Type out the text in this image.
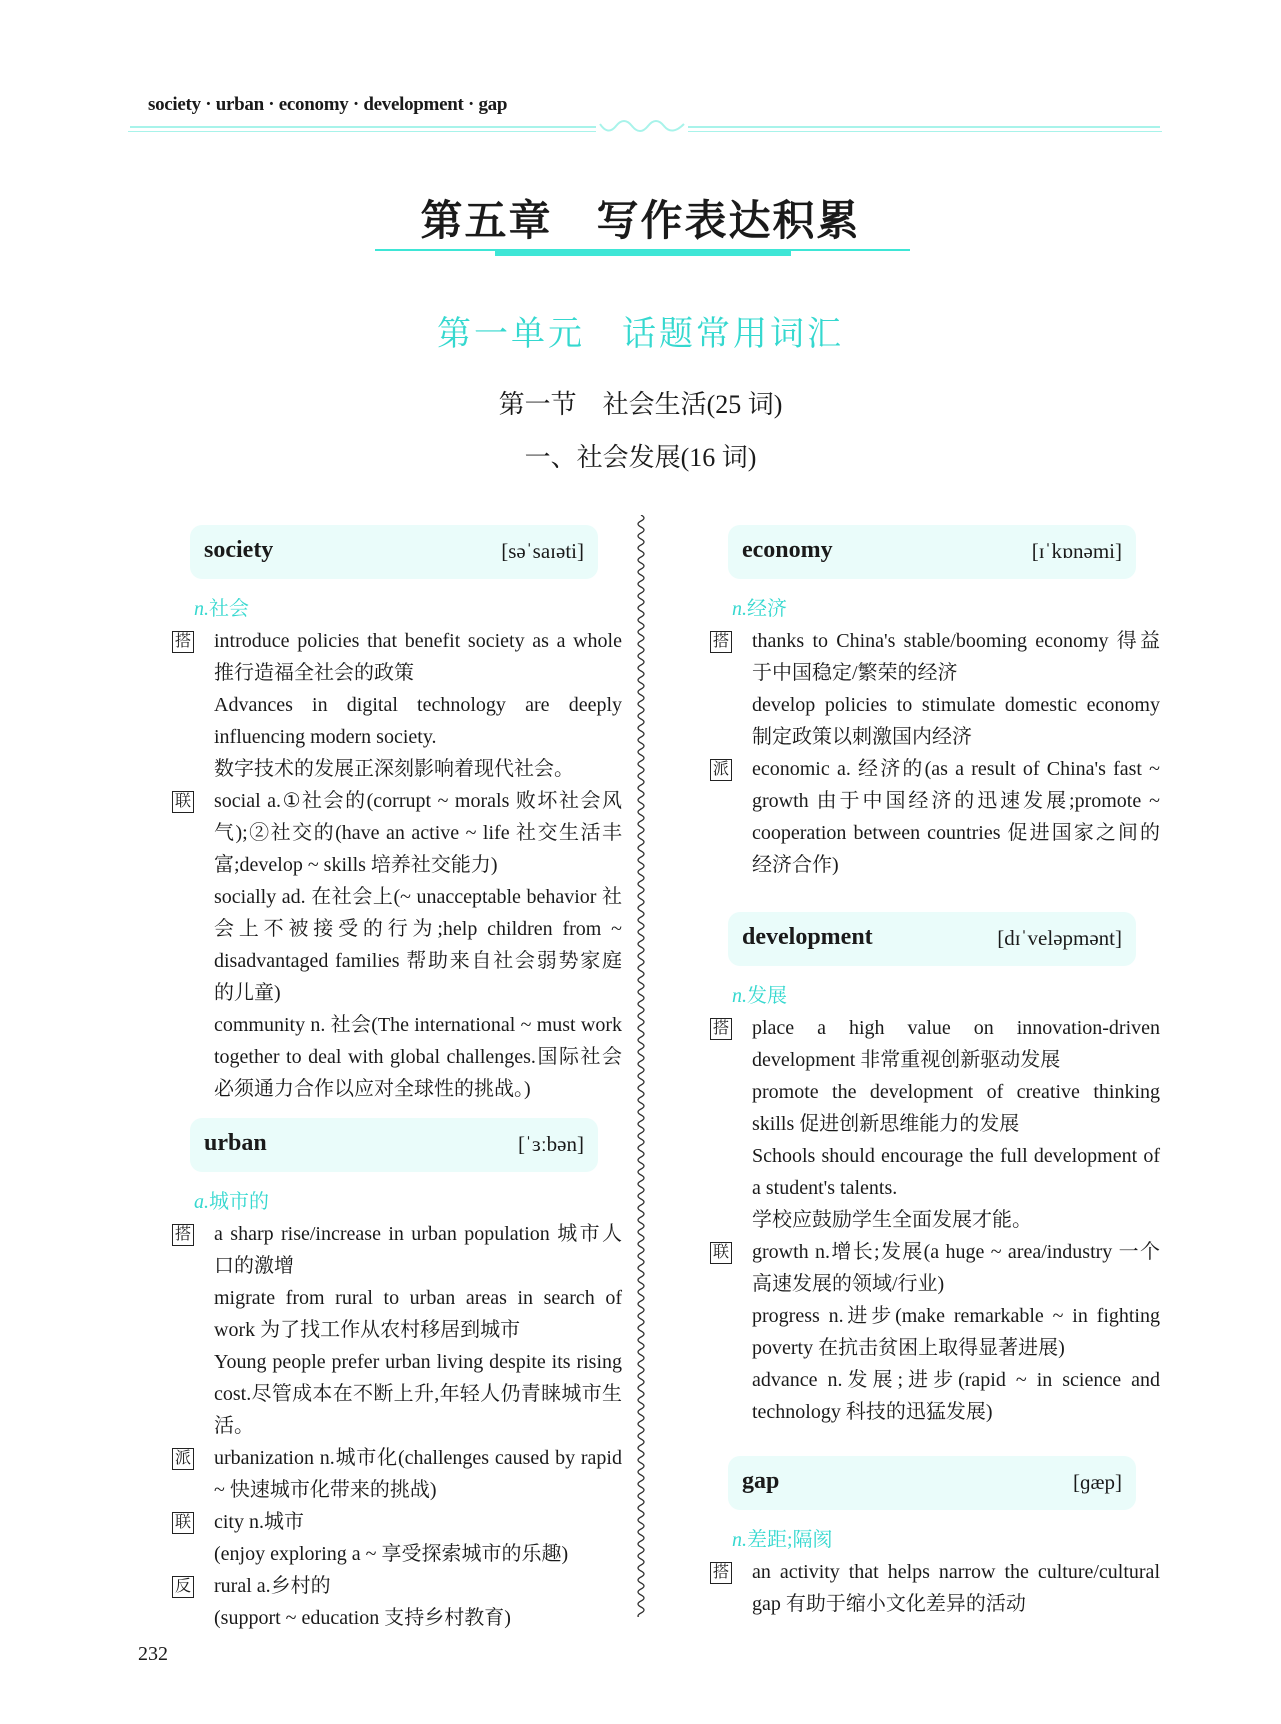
society · urban · economy · development · gap
第五章　写作表达积累
第一单元　话题常用词汇
第一节　社会生活(25 词)
一、社会发展(16 词)
society	[səˈsaɪəti]
n.社会
搭 introduce policies that benefit society as a whole 推行造福全社会的政策
Advances in digital technology are deeply influencing modern society.
数字技术的发展正深刻影响着现代社会。
联 social a.①社会的(corrupt ~ morals 败坏社会风气);②社交的(have an active ~ life 社交生活丰富;develop ~ skills 培养社交能力)
socially ad. 在社会上(~ unacceptable behavior 社会上不被接受的行为;help children from ~ disadvantaged families 帮助来自社会弱势家庭的儿童)
community n. 社会(The international ~ must work together to deal with global challenges.国际社会必须通力合作以应对全球性的挑战。)
urban	[ˈɜːbən]
a.城市的
搭 a sharp rise/increase in urban population 城市人口的激增
migrate from rural to urban areas in search of work 为了找工作从农村移居到城市
Young people prefer urban living despite its rising cost.尽管成本在不断上升,年轻人仍青睐城市生活。
派 urbanization n.城市化(challenges caused by rapid ~ 快速城市化带来的挑战)
联 city n.城市
(enjoy exploring a ~ 享受探索城市的乐趣)
反 rural a.乡村的
(support ~ education 支持乡村教育)
economy	[ɪˈkɒnəmi]
n.经济
搭 thanks to China's stable/booming economy 得益于中国稳定/繁荣的经济
develop policies to stimulate domestic economy 制定政策以刺激国内经济
派 economic a. 经济的(as a result of China's fast ~ growth 由于中国经济的迅速发展;promote ~ cooperation between countries 促进国家之间的经济合作)
development	[dɪˈveləpmənt]
n.发展
搭 place a high value on innovation-driven development 非常重视创新驱动发展
promote the development of creative thinking skills 促进创新思维能力的发展
Schools should encourage the full development of a student's talents.
学校应鼓励学生全面发展才能。
联 growth n.增长;发展(a huge ~ area/industry 一个高速发展的领域/行业)
progress n.进步(make remarkable ~ in fighting poverty 在抗击贫困上取得显著进展)
advance n.发展;进步(rapid ~ in science and technology 科技的迅猛发展)
gap	[ɡæp]
n.差距;隔阂
搭 an activity that helps narrow the culture/cultural gap 有助于缩小文化差异的活动
232
